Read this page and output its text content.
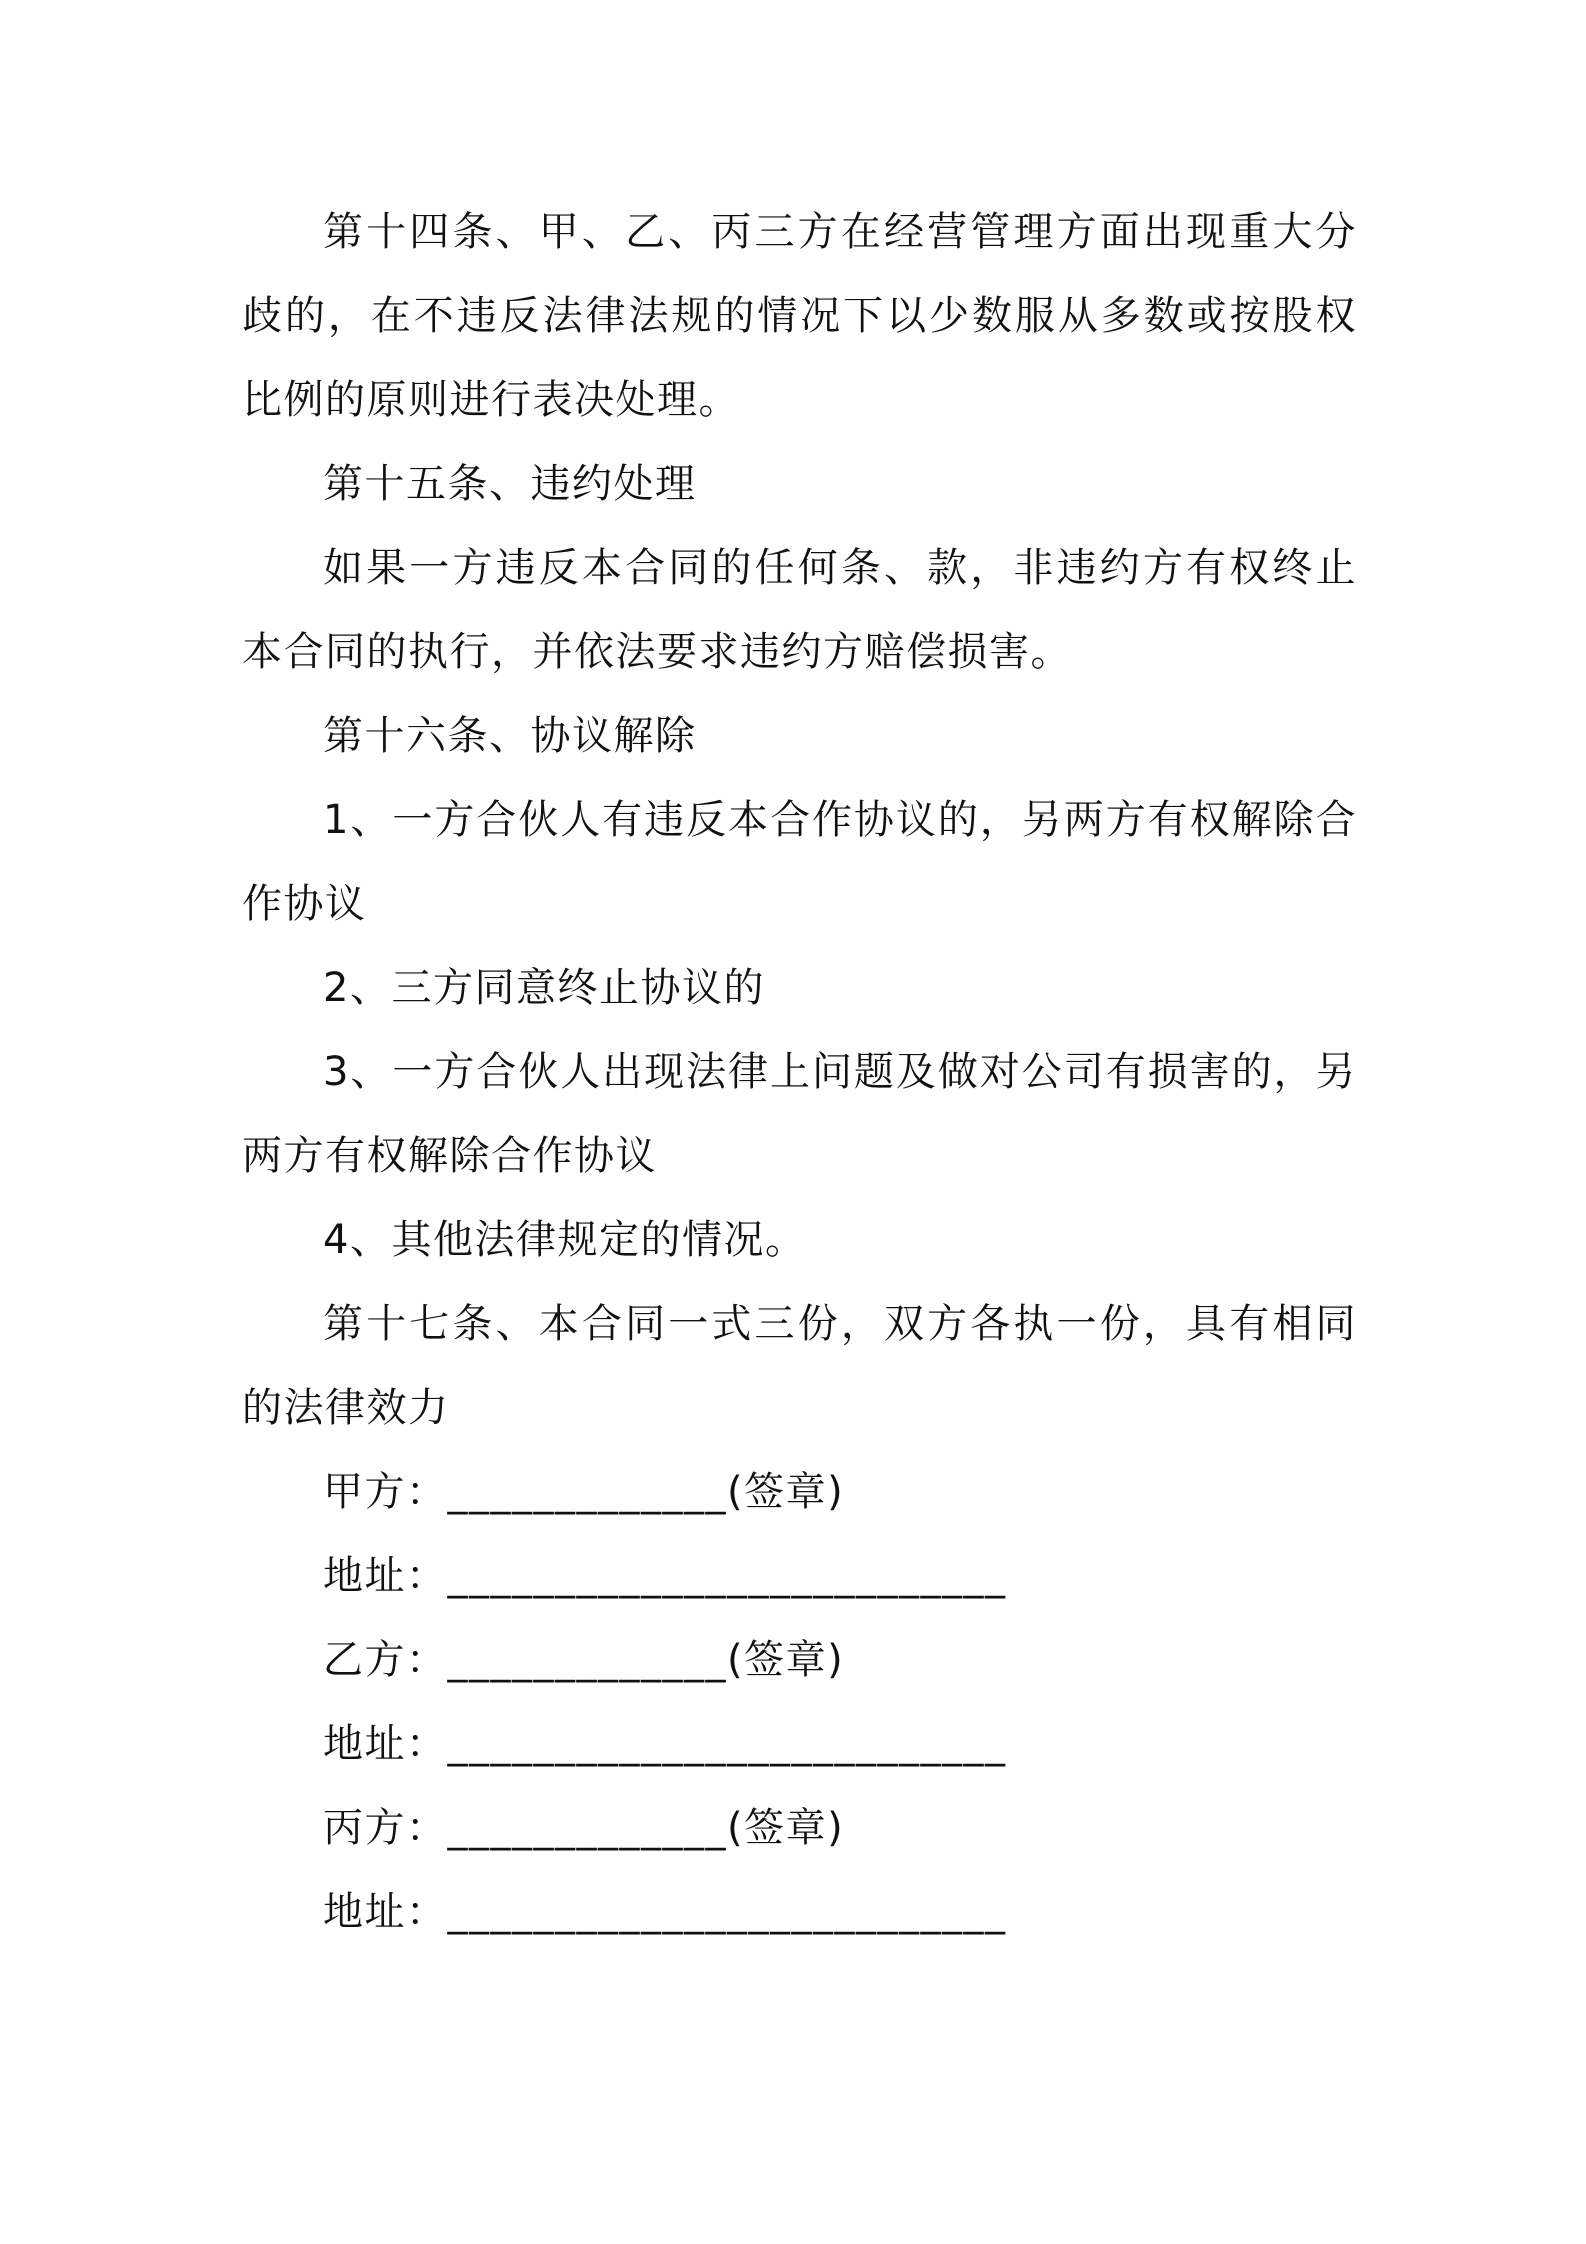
第十四条、甲、乙、丙三方在经营管理方面出现重大分歧的，在不违反法律法规的情况下以少数服从多数或按股权比例的原则进行表决处理。

第十五条、违约处理

如果一方违反本合同的任何条、款，非违约方有权终止本合同的执行，并依法要求违约方赔偿损害。

第十六条、协议解除

1、一方合伙人有违反本合作协议的，另两方有权解除合作协议

2、三方同意终止协议的

3、一方合伙人出现法律上问题及做对公司有损害的，另两方有权解除合作协议

4、其他法律规定的情况。

第十七条、本合同一式三份，双方各执一份，具有相同的法律效力

甲方：_____________(签章)

地址：__________________________

乙方：_____________(签章)

地址：__________________________

丙方：_____________(签章)

地址：__________________________
